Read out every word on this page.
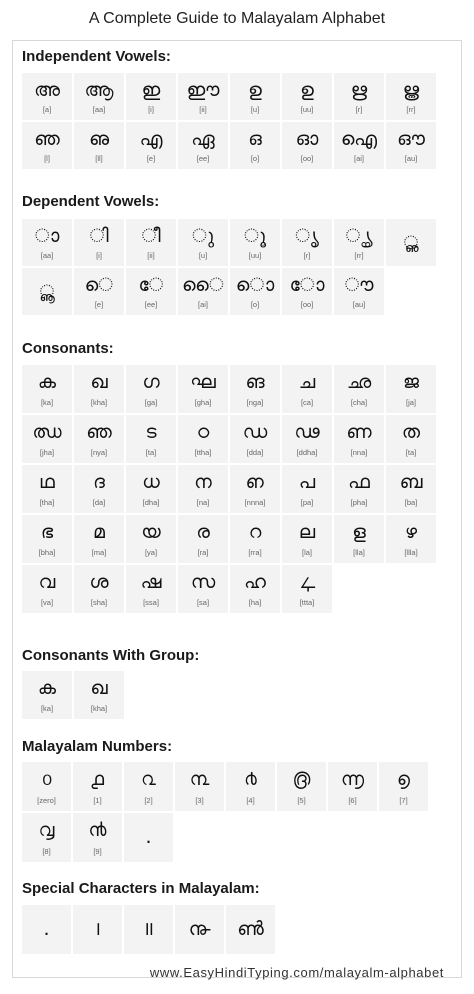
A Complete Guide to Malayalam Alphabet
Independent Vowels:
അ
[a]
ആ
[aa]
ഇ
[i]
ഈ
[ii]
ഉ
[u]
ഉ
[uu]
ഋ
[r]
ൠ
[rr]
ഞ
[l]
ഌ
[ll]
എ
[e]
ഏ
[ee]
ഒ
[o]
ഓ
[oo]
ഐ
[ai]
ഔ
[au]
Dependent Vowels:
◌ാ
[aa]
◌ി
[i]
◌ീ
[ii]
◌ു
[u]
◌ൂ
[uu]
◌ൃ
[r]
◌ൄ
[rr]
ൢ
ൣ ◌െ
[e]
◌േ
[ee]
◌ൈ
[ai]
◌ൊ
[o]
◌ോ
[oo]
◌ൗ
[au]
Consonants:
ക
[ka]
ഖ
[kha]
ഗ
[ga]
ഘ
[gha]
ങ
[nga]
ച
[ca]
ഛ
[cha]
ജ
[ja]
ഝ
[jha]
ഞ
[nya]
ട
[ta]
ഠ
[ttha]
ഡ
[dda]
ഢ
[ddha]
ണ
[nna]
ത
[ta]
ഥ
[tha]
ദ
[da]
ധ
[dha]
ന
[na]
ഩ
[nnna]
പ
[pa]
ഫ
[pha]
ബ
[ba]
ഭ
[bha]
മ
[ma]
യ
[ya]
ര
[ra]
റ
[rra]
ല
[la]
ള
[lla]
ഴ
[llla]
വ
[va]
ശ
[sha]
ഷ
[ssa]
സ
[sa]
ഹ
[ha]
ഺ
[ttta]
Consonants With Group:
ക
[ka]
ഖ
[kha]
Malayalam Numbers:
൦
[zero]
൧
[1]
൨
[2]
൩
[3]
൪
[4]
൫
[5]
൬
[6]
൭
[7]
൮
[8]
൯
[9]
.
Special Characters in Malayalam:
. । ॥ ൹ ൺ
www.EasyHindiTyping.com/malayalm-alphabet
